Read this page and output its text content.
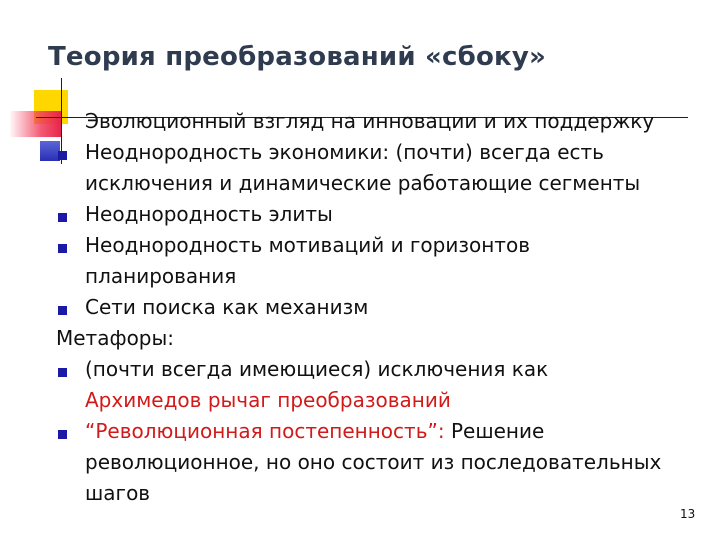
Теория преобразований «сбоку»
Эволюционный взгляд на инновации и их поддержку
Неоднородность экономики: (почти) всегда есть
исключения и динамические работающие сегменты
Неоднородность элиты
Неоднородность мотиваций и горизонтов
планирования
Сети поиска как механизм
Метафоры:
(почти всегда имеющиеся) исключения как
Архимедов рычаг преобразований
“Революционная постепенность”: Решение
революционное, но оно состоит из последовательных
шагов
13
